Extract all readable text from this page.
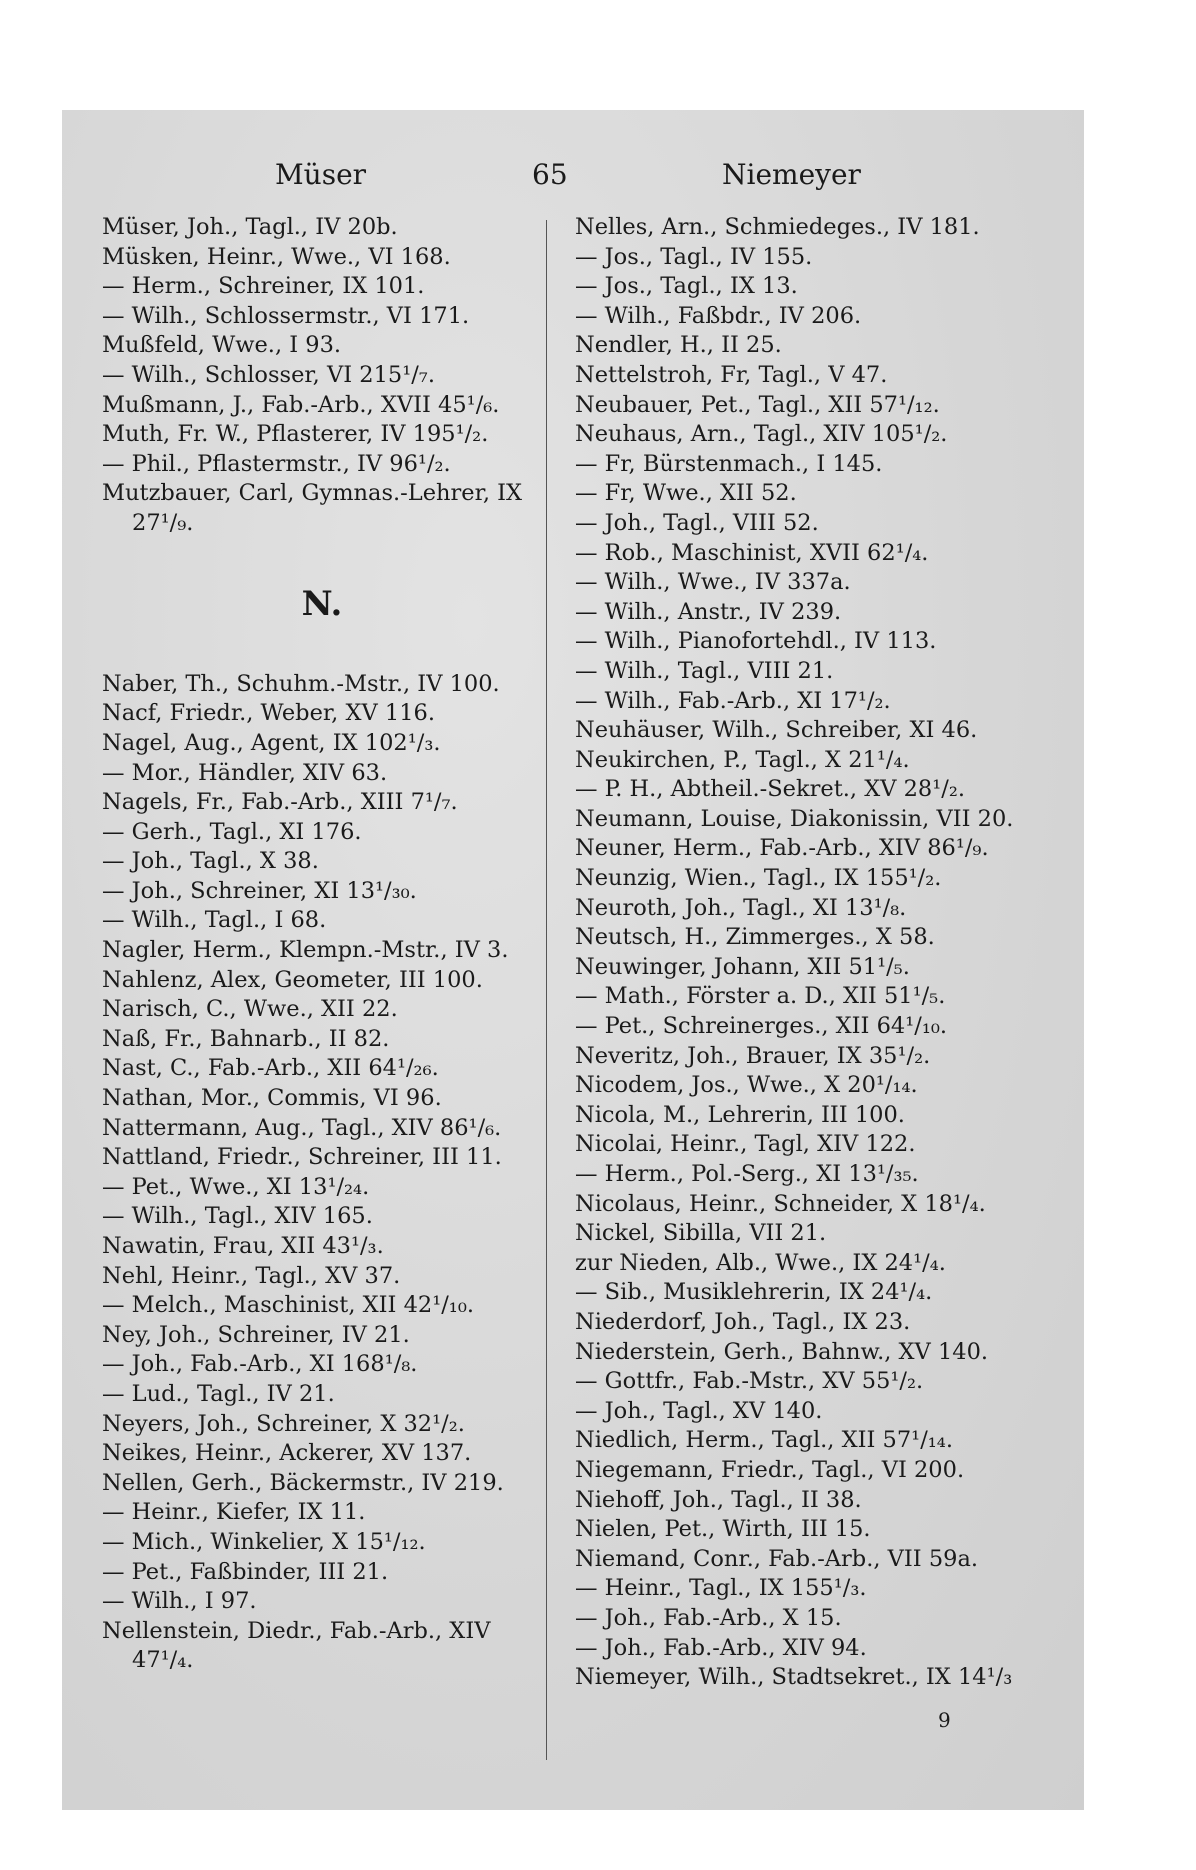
Müser	65	Niemeyer
Müser, Joh., Tagl., IV 20b.
Müsken, Heinr., Wwe., VI 168.
— Herm., Schreiner, IX 101.
— Wilh., Schlossermstr., VI 171.
Mußfeld, Wwe., I 93.
— Wilh., Schlosser, VI 215¹/₇.
Mußmann, J., Fab.-Arb., XVII 45¹/₆.
Muth, Fr. W., Pflasterer, IV 195¹/₂.
— Phil., Pflastermstr., IV 96¹/₂.
Mutzbauer, Carl, Gymnas.-Lehrer, IX
27¹/₉.
N.
Naber, Th., Schuhm.-Mstr., IV 100.
Nacf, Friedr., Weber, XV 116.
Nagel, Aug., Agent, IX 102¹/₃.
— Mor., Händler, XIV 63.
Nagels, Fr., Fab.-Arb., XIII 7¹/₇.
— Gerh., Tagl., XI 176.
— Joh., Tagl., X 38.
— Joh., Schreiner, XI 13¹/₃₀.
— Wilh., Tagl., I 68.
Nagler, Herm., Klempn.-Mstr., IV 3.
Nahlenz, Alex, Geometer, III 100.
Narisch, C., Wwe., XII 22.
Naß, Fr., Bahnarb., II 82.
Nast, C., Fab.-Arb., XII 64¹/₂₆.
Nathan, Mor., Commis, VI 96.
Nattermann, Aug., Tagl., XIV 86¹/₆.
Nattland, Friedr., Schreiner, III 11.
— Pet., Wwe., XI 13¹/₂₄.
— Wilh., Tagl., XIV 165.
Nawatin, Frau, XII 43¹/₃.
Nehl, Heinr., Tagl., XV 37.
— Melch., Maschinist, XII 42¹/₁₀.
Ney, Joh., Schreiner, IV 21.
— Joh., Fab.-Arb., XI 168¹/₈.
— Lud., Tagl., IV 21.
Neyers, Joh., Schreiner, X 32¹/₂.
Neikes, Heinr., Ackerer, XV 137.
Nellen, Gerh., Bäckermstr., IV 219.
— Heinr., Kiefer, IX 11.
— Mich., Winkelier, X 15¹/₁₂.
— Pet., Faßbinder, III 21.
— Wilh., I 97.
Nellenstein, Diedr., Fab.-Arb., XIV
47¹/₄.
Nelles, Arn., Schmiedeges., IV 181.
— Jos., Tagl., IV 155.
— Jos., Tagl., IX 13.
— Wilh., Faßbdr., IV 206.
Nendler, H., II 25.
Nettelstroh, Fr, Tagl., V 47.
Neubauer, Pet., Tagl., XII 57¹/₁₂.
Neuhaus, Arn., Tagl., XIV 105¹/₂.
— Fr, Bürstenmach., I 145.
— Fr, Wwe., XII 52.
— Joh., Tagl., VIII 52.
— Rob., Maschinist, XVII 62¹/₄.
— Wilh., Wwe., IV 337a.
— Wilh., Anstr., IV 239.
— Wilh., Pianofortehdl., IV 113.
— Wilh., Tagl., VIII 21.
— Wilh., Fab.-Arb., XI 17¹/₂.
Neuhäuser, Wilh., Schreiber, XI 46.
Neukirchen, P., Tagl., X 21¹/₄.
— P. H., Abtheil.-Sekret., XV 28¹/₂.
Neumann, Louise, Diakonissin, VII 20.
Neuner, Herm., Fab.-Arb., XIV 86¹/₉.
Neunzig, Wien., Tagl., IX 155¹/₂.
Neuroth, Joh., Tagl., XI 13¹/₈.
Neutsch, H., Zimmerges., X 58.
Neuwinger, Johann, XII 51¹/₅.
— Math., Förster a. D., XII 51¹/₅.
— Pet., Schreinerges., XII 64¹/₁₀.
Neveritz, Joh., Brauer, IX 35¹/₂.
Nicodem, Jos., Wwe., X 20¹/₁₄.
Nicola, M., Lehrerin, III 100.
Nicolai, Heinr., Tagl, XIV 122.
— Herm., Pol.-Serg., XI 13¹/₃₅.
Nicolaus, Heinr., Schneider, X 18¹/₄.
Nickel, Sibilla, VII 21.
zur Nieden, Alb., Wwe., IX 24¹/₄.
— Sib., Musiklehrerin, IX 24¹/₄.
Niederdorf, Joh., Tagl., IX 23.
Niederstein, Gerh., Bahnw., XV 140.
— Gottfr., Fab.-Mstr., XV 55¹/₂.
— Joh., Tagl., XV 140.
Niedlich, Herm., Tagl., XII 57¹/₁₄.
Niegemann, Friedr., Tagl., VI 200.
Niehoff, Joh., Tagl., II 38.
Nielen, Pet., Wirth, III 15.
Niemand, Conr., Fab.-Arb., VII 59a.
— Heinr., Tagl., IX 155¹/₃.
— Joh., Fab.-Arb., X 15.
— Joh., Fab.-Arb., XIV 94.
Niemeyer, Wilh., Stadtsekret., IX 14¹/₃
9
